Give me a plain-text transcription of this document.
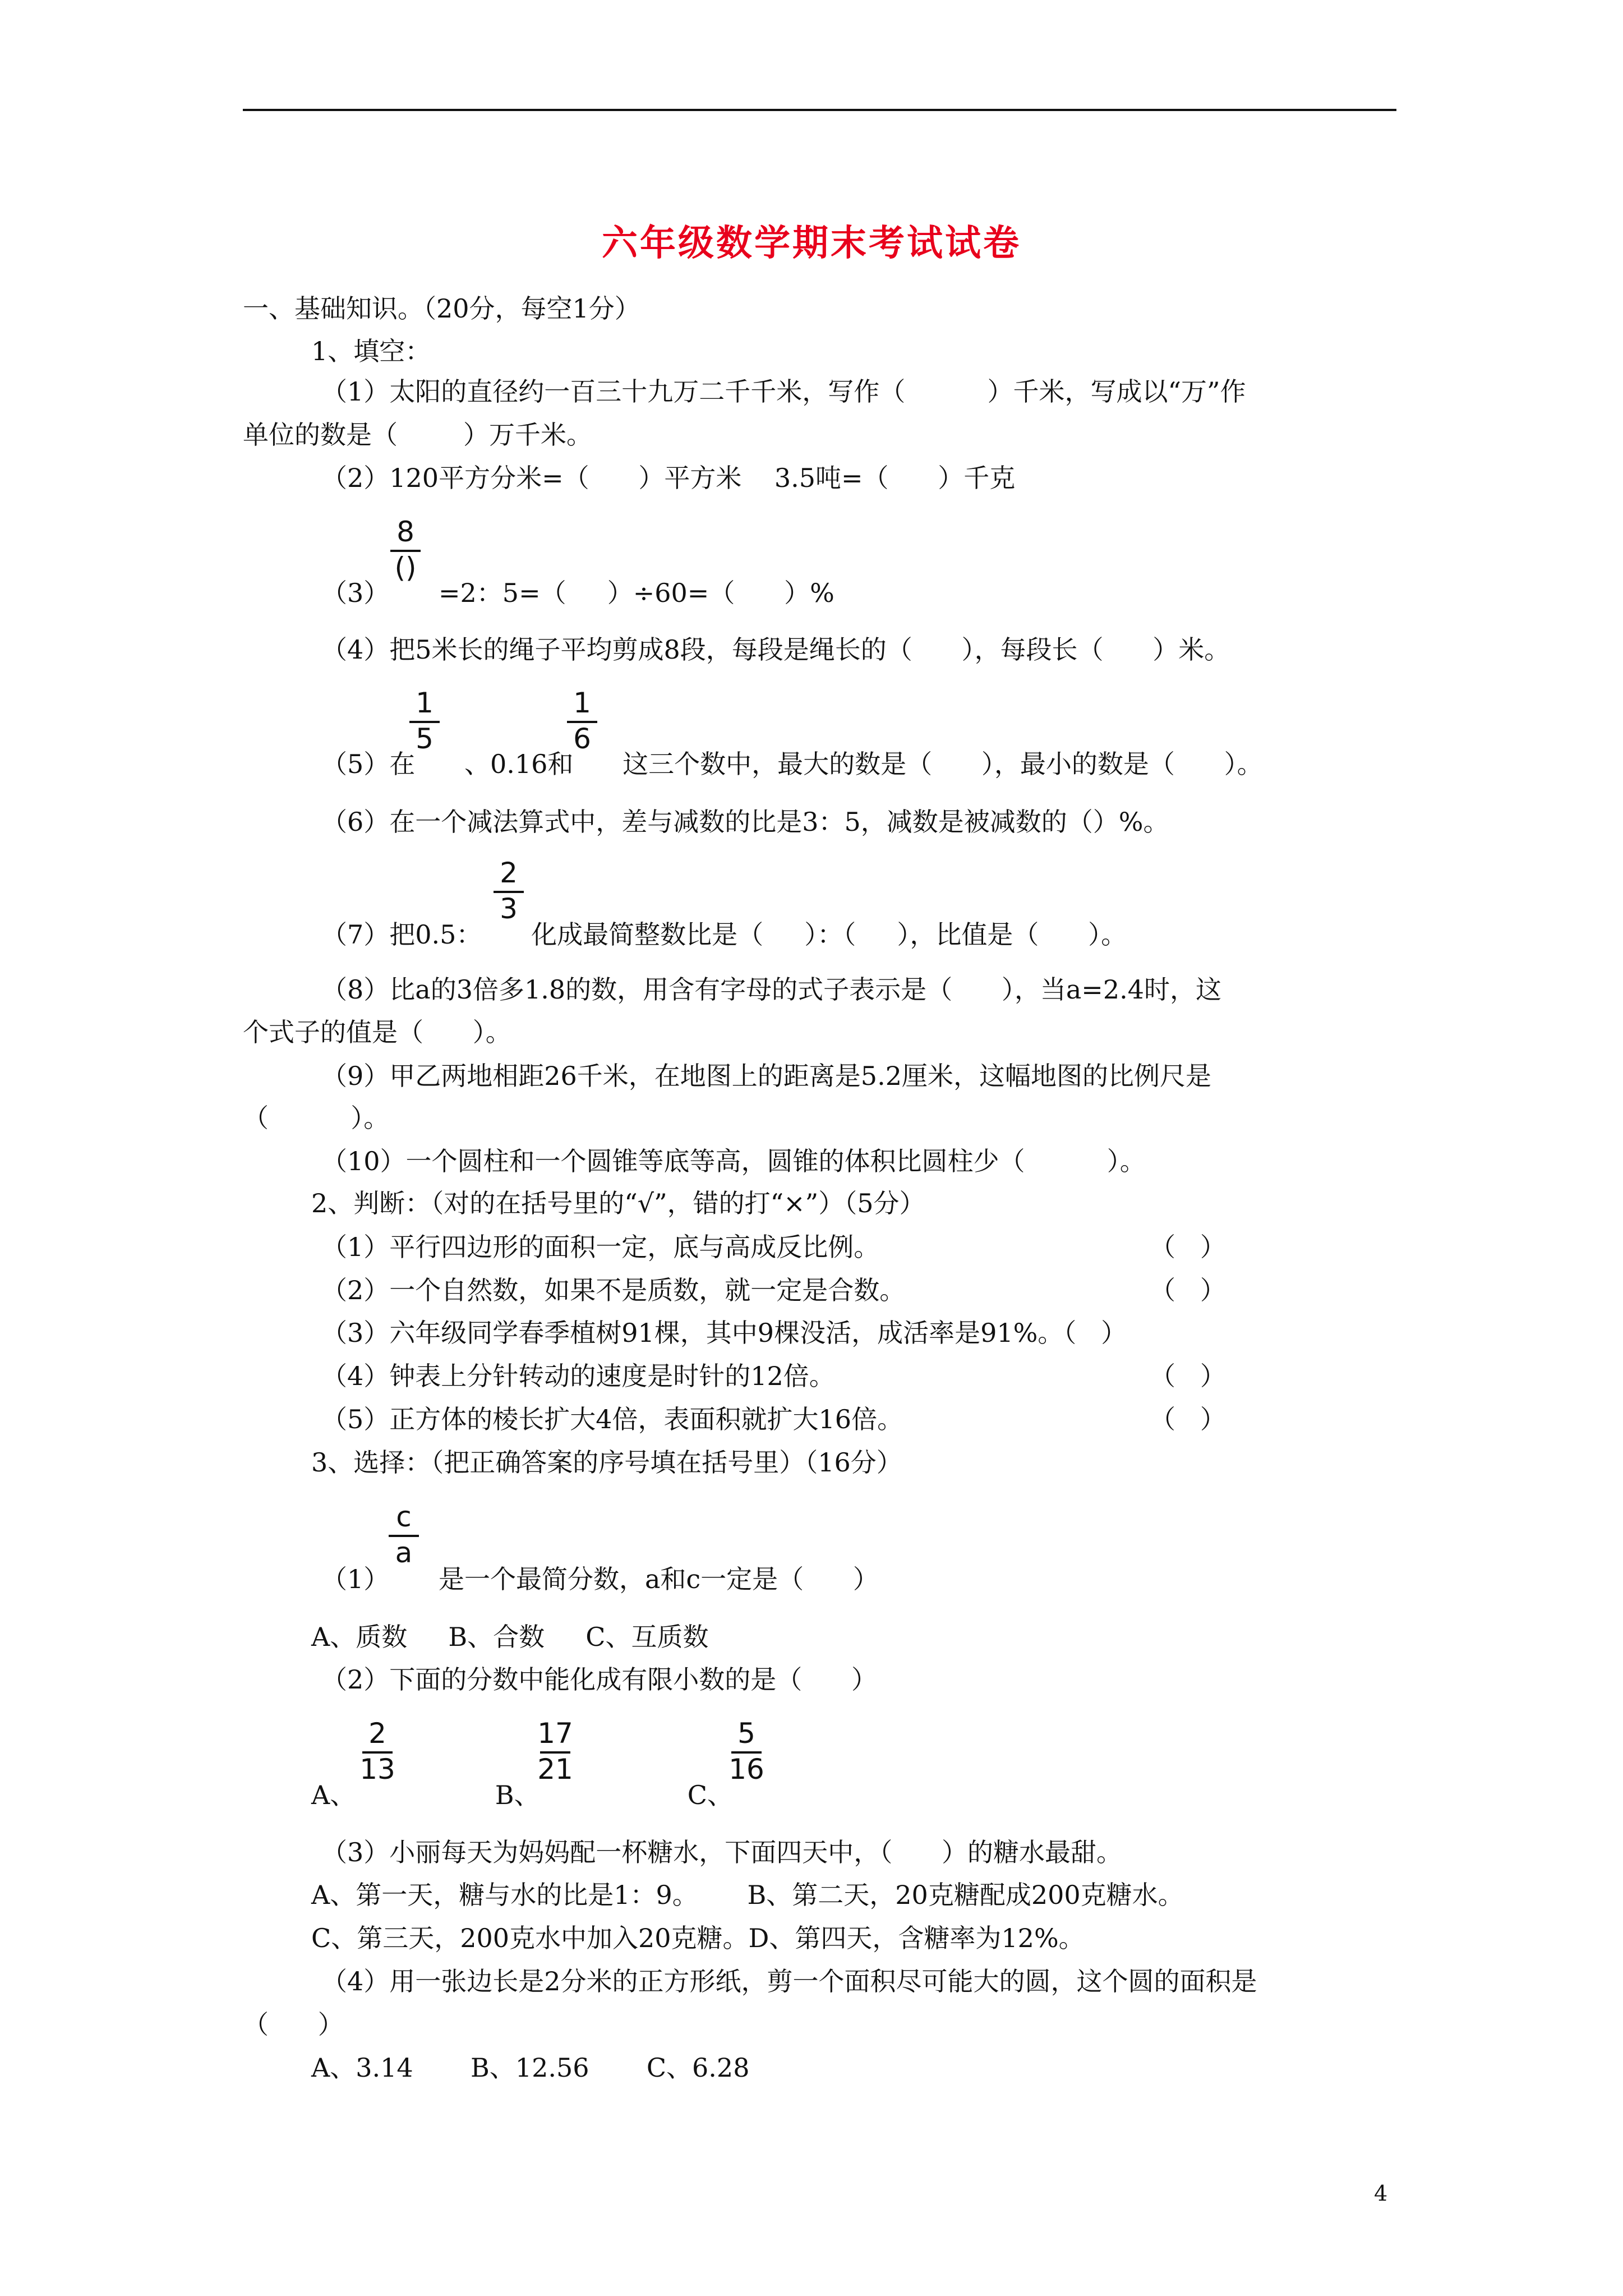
六年级数学期末考试试卷
一、基础知识。（20分，每空1分）
1、填空：
（1）太阳的直径约一百三十九万二千千米，写作（          ）千米，写成以“万”作
单位的数是（        ）万千米。
（2）120平方分米=（      ）平方米    3.5吨=（      ）千克
（3）      =2：5=（     ）÷60=（      ）%
8
()
（4）把5米长的绳子平均剪成8段，每段是绳长的（      ），每段长（      ）米。
（5）在      、0.16和      这三个数中，最大的数是（      ），最小的数是（      ）。
1
5
1
6
（6）在一个减法算式中，差与减数的比是3：5，减数是被减数的（）%。
（7）把0.5：      化成最简整数比是（     ）：（     ），比值是（      ）。
2
3
（8）比a的3倍多1.8的数，用含有字母的式子表示是（      ），当a=2.4时，这
个式子的值是（      ）。
（9）甲乙两地相距26千米，在地图上的距离是5.2厘米，这幅地图的比例尺是
（          ）。
（10）一个圆柱和一个圆锥等底等高，圆锥的体积比圆柱少（          ）。
2、判断：（对的在括号里的“√”，错的打“×”）（5分）
（1）平行四边形的面积一定，底与高成反比例。	（   ）
（2）一个自然数，如果不是质数，就一定是合数。	（   ）
（3）六年级同学春季植树91棵，其中9棵没活，成活率是91%。（   ）
（4）钟表上分针转动的速度是时针的12倍。	（   ）
（5）正方体的棱长扩大4倍，表面积就扩大16倍。	（   ）
3、选择：（把正确答案的序号填在括号里）（16分）
（1）      是一个最简分数，a和c一定是（      ）
c
a
A、质数     B、合数     C、互质数
（2）下面的分数中能化成有限小数的是（      ）
A、                 B、                  C、
2
13
17
21
5
16
（3）小丽每天为妈妈配一杯糖水，下面四天中，（      ）的糖水最甜。
A、第一天，糖与水的比是1：9。      B、第二天，20克糖配成200克糖水。
C、第三天，200克水中加入20克糖。D、第四天，含糖率为12%。
（4）用一张边长是2分米的正方形纸，剪一个面积尽可能大的圆，这个圆的面积是
（      ）
A、3.14       B、12.56       C、6.28
4
